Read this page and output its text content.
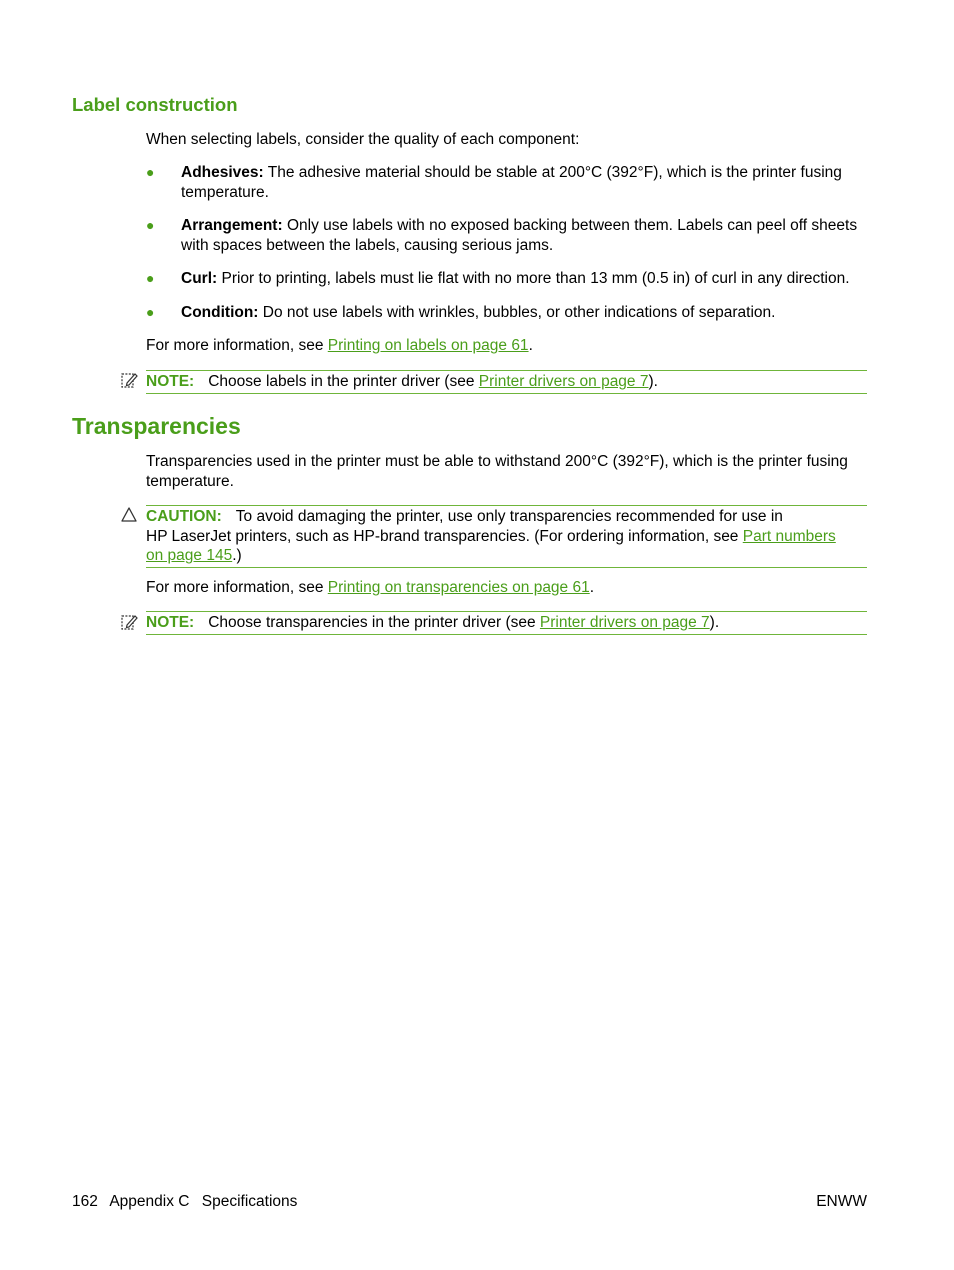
Label construction

When selecting labels, consider the quality of each component:

● Adhesives: The adhesive material should be stable at 200°C (392°F), which is the printer fusing temperature.
● Arrangement: Only use labels with no exposed backing between them. Labels can peel off sheets with spaces between the labels, causing serious jams.
● Curl: Prior to printing, labels must lie flat with no more than 13 mm (0.5 in) of curl in any direction.
● Condition: Do not use labels with wrinkles, bubbles, or other indications of separation.

For more information, see Printing on labels on page 61.

NOTE: Choose labels in the printer driver (see Printer drivers on page 7).
Transparencies

Transparencies used in the printer must be able to withstand 200°C (392°F), which is the printer fusing temperature.

CAUTION: To avoid damaging the printer, use only transparencies recommended for use in
HP LaserJet printers, such as HP-brand transparencies. (For ordering information, see Part numbers
on page 145.)

For more information, see Printing on transparencies on page 61.

NOTE: Choose transparencies in the printer driver (see Printer drivers on page 7).
162 Appendix C Specifications	ENWW
